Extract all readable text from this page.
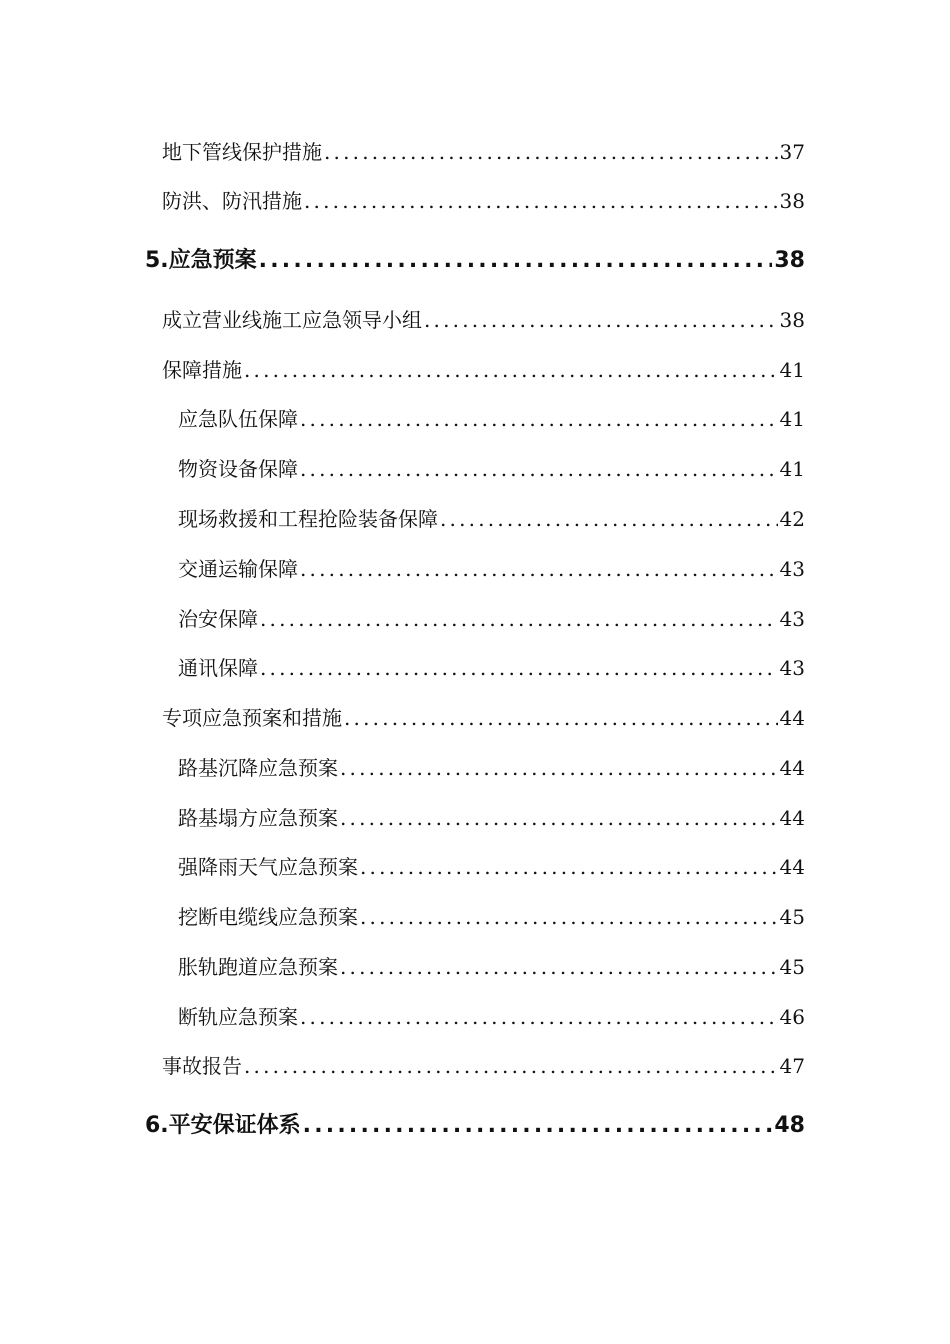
地下管线保护措施 .....	37
防洪、防汛措施 .....	38
5.应急预案 .....	38
成立营业线施工应急领导小组 .....	38
保障措施 .....	41
应急队伍保障 .....	41
物资设备保障 .....	41
现场救援和工程抢险装备保障 .....	42
交通运输保障 .....	43
治安保障 .....	43
通讯保障 .....	43
专项应急预案和措施 .....	44
路基沉降应急预案 .....	44
路基塌方应急预案 .....	44
强降雨天气应急预案 .....	44
挖断电缆线应急预案 .....	45
胀轨跑道应急预案 .....	45
断轨应急预案 .....	46
事故报告 .....	47
6.平安保证体系 .....	48
